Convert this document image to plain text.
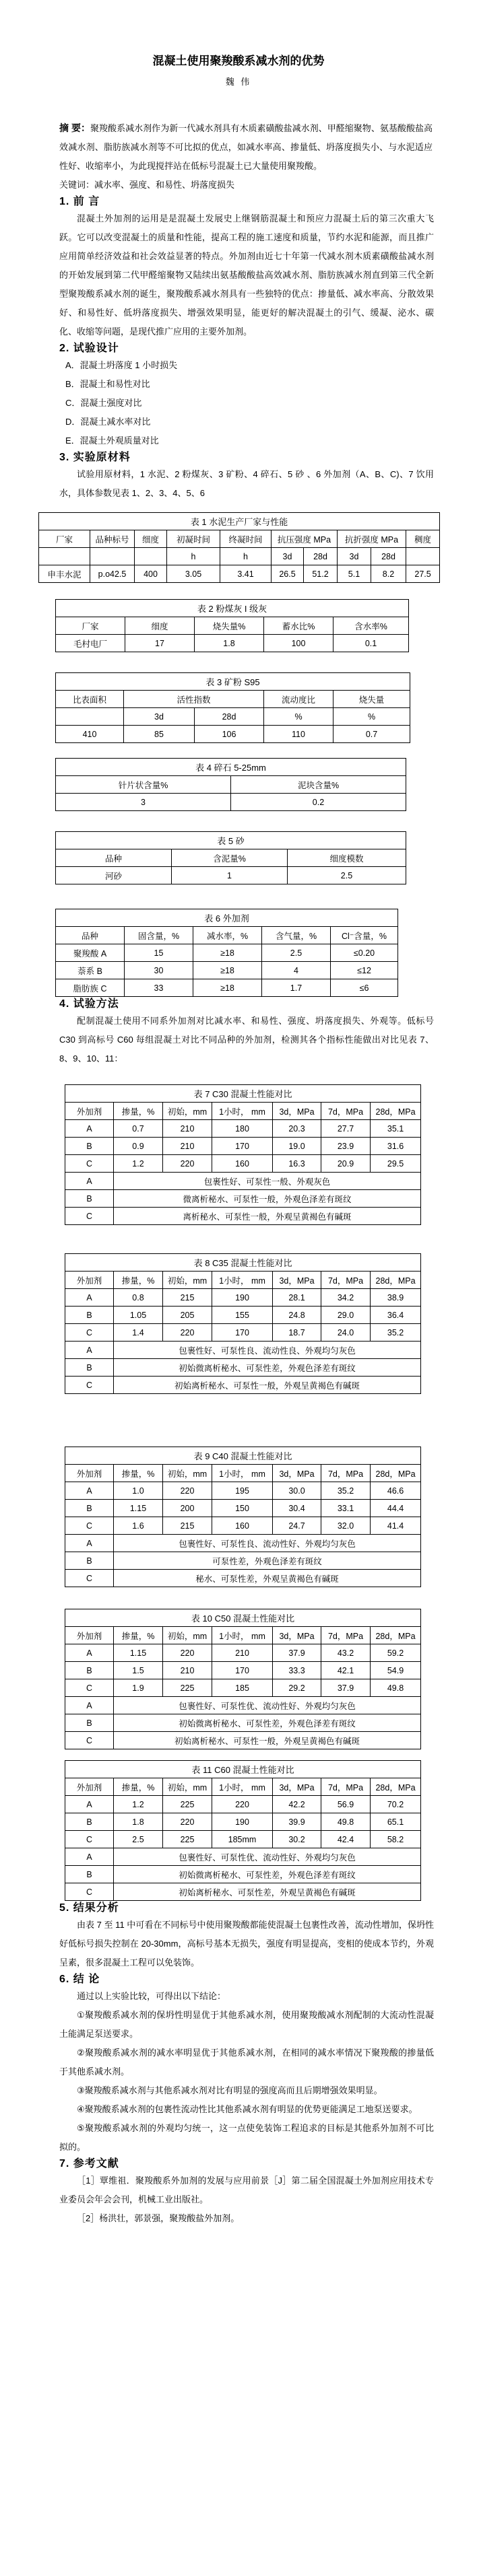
混凝土使用聚羧酸系减水剂的优势
魏 伟

摘 要：聚羧酸系减水剂作为新一代减水剂具有木质素磺酸盐减水剂、甲醛缩聚物、氨基酸酸盐高效减水剂、脂肪族减水剂等不可比拟的优点，如减水率高、掺量低、坍落度损失小、与水泥适应性好、收缩率小，为此现搅拌站在低标号混凝土已大量使用聚羧酸。

关键词：减水率、强度、和易性、坍落度损失

1. 前 言

混凝土外加剂的运用是是混凝土发展史上继钢筋混凝土和预应力混凝土后的第三次重大飞跃。它可以改变混凝土的质量和性能，提高工程的施工速度和质量，节约水泥和能源，而且推广应用简单经济效益和社会效益显著的特点。外加剂由近七十年第一代减水剂木质素磺酸盐减水剂的开始发展到第二代甲醛缩聚物又陆续出氨基酸酸盐高效减水剂、脂肪族减水剂直到第三代全新型聚羧酸系减水剂的诞生，聚羧酸系减水剂具有一些独特的优点：掺量低、减水率高、分散效果好、和易性好、低坍落度损失、增强效果明显，能更好的解决混凝土的引气、缓凝、泌水、碳化、收缩等问题，是现代推广应用的主要外加剂。

2. 试验设计

A．混凝土坍落度 1 小时损失

B．混凝土和易性对比

C．混凝土强度对比

D．混凝土减水率对比

E．混凝土外观质量对比

3. 实验原材料

试验用原材料，1 水泥、2 粉煤灰、3 矿粉、4 碎石、5 砂 、6 外加剂（A、B、C)、7 饮用水，具体参数见表 1、2、3、4、5、6

表 1 水泥生产厂家与性能									
厂家	品种标号	细度	初凝时间	终凝时间	抗压强度 MPa		抗折强度 MPa		稠度
			h	h	3d	28d	3d	28d	
申丰水泥	p.o42.5	400	3.05	3.41	26.5	51.2	5.1	8.2	27.5
表 2 粉煤灰 I 级灰				
厂家	细度	烧失量%	蓄水比%	含水率%
毛村电厂	17	1.8	100	0.1
表 3 矿粉 S95				
比表面积	活性指数		流动度比	烧失量
	3d	28d	%	%
410	85	106	110	0.7
表 4 碎石 5-25mm	
针片状含量%	泥块含量%
3	0.2
表 5 砂		
品种	含泥量%	细度模数
河砂	1	2.5
表 6 外加剂				
品种	固含量，%	减水率，%	含气量，%	Cl⁻含量，%
聚羧酸 A	15	≥18	2.5	≤0.20
萘系 B	30	≥18	4	≤12
脂肪族 C	33	≥18	1.7	≤6
4. 试验方法

配制混凝土使用不同系外加剂对比减水率、和易性、强度、坍落度损失、外观等。低标号 C30 到高标号 C60 每组混凝土对比不同品种的外加剂，检测其各个指标性能做出对比见表 7、8、9、10、11：

表 7 C30 混凝土性能对比						
外加剂	掺量，%	初始，mm	1小时， mm	3d，MPa	7d，MPa	28d，MPa
A	0.7	210	180	20.3	27.7	35.1
B	0.9	210	170	19.0	23.9	31.6
C	1.2	220	160	16.3	20.9	29.5
A	包裹性好、可泵性一般、外观灰色					
B	微离析秘水、可泵性一般，外观色泽差有斑纹					
C	离析秘水、可泵性一般，外观呈黄褐色有碱斑					
表 8 C35 混凝土性能对比						
外加剂	掺量，%	初始，mm	1小时， mm	3d，MPa	7d，MPa	28d，MPa
A	0.8	215	190	28.1	34.2	38.9
B	1.05	205	155	24.8	29.0	36.4
C	1.4	220	170	18.7	24.0	35.2
A	包裹性好、可泵性良、流动性良、外观均匀灰色					
B	初始微离析秘水、可泵性差，外观色泽差有斑纹					
C	初始离析秘水、可泵性一般，外观呈黄褐色有碱斑					
表 9 C40 混凝土性能对比						
外加剂	掺量，%	初始，mm	1小时， mm	3d，MPa	7d，MPa	28d，MPa
A	1.0	220	195	30.0	35.2	46.6
B	1.15	200	150	30.4	33.1	44.4
C	1.6	215	160	24.7	32.0	41.4
A	包裹性好、可泵性良、流动性好、外观均匀灰色					
B	可泵性差，外观色泽差有斑纹					
C	秘水、可泵性差，外观呈黄褐色有碱斑					
表 10 C50 混凝土性能对比						
外加剂	掺量，%	初始，mm	1小时， mm	3d，MPa	7d，MPa	28d，MPa
A	1.15	220	210	37.9	43.2	59.2
B	1.5	210	170	33.3	42.1	54.9
C	1.9	225	185	29.2	37.9	49.8
A	包裹性好、可泵性优、流动性好、外观均匀灰色					
B	初始微离析秘水、可泵性差，外观色泽差有斑纹					
C	初始离析秘水、可泵性一般，外观呈黄褐色有碱斑					
表 11 C60 混凝土性能对比						
外加剂	掺量，%	初始，mm	1小时， mm	3d，MPa	7d，MPa	28d，MPa
A	1.2	225	220	42.2	56.9	70.2
B	1.8	220	190	39.9	49.8	65.1
C	2.5	225	185mm	30.2	42.4	58.2
A	包裹性好、可泵性优、流动性好、外观均匀灰色					
B	初始微离析秘水、可泵性差，外观色泽差有斑纹					
C	初始离析秘水、可泵性差，外观呈黄褐色有碱斑					
5. 结果分析

由表 7 至 11 中可看在不同标号中使用聚羧酸都能使混凝土包裹性改善，流动性增加，保坍性好低标号损失控制在 20-30mm，高标号基本无损失，强度有明显提高，变相的使成本节约，外观呈素，很多混凝土工程可以免装饰。

6. 结 论

通过以上实验比较，可得出以下结论：

①聚羧酸系减水剂的保坍性明显优于其他系减水剂，使用聚羧酸减水剂配制的大流动性混凝土能满足泵送要求。

②聚羧酸系减水剂的减水率明显优于其他系减水剂，在相同的减水率情况下聚羧酸的掺量低于其他系减水剂。

③聚羧酸系减水剂与其他系减水剂对比有明显的强度高而且后期增强效果明显。

④聚羧酸系减水剂的包裹性流动性比其他系减水剂有明显的优势更能满足工地泵送要求。

⑤聚羧酸系减水剂的外观均匀统一，这一点使免装饰工程追求的目标是其他系外加剂不可比拟的。

7. 参考文献

［1］覃维祖．聚羧酸系外加剂的发展与应用前景［J］第二届全国混凝土外加剂应用技术专业委员会年会会刊，机械工业出版社。

［2］杨洪壮，郭景强，聚羧酸盐外加剂。
